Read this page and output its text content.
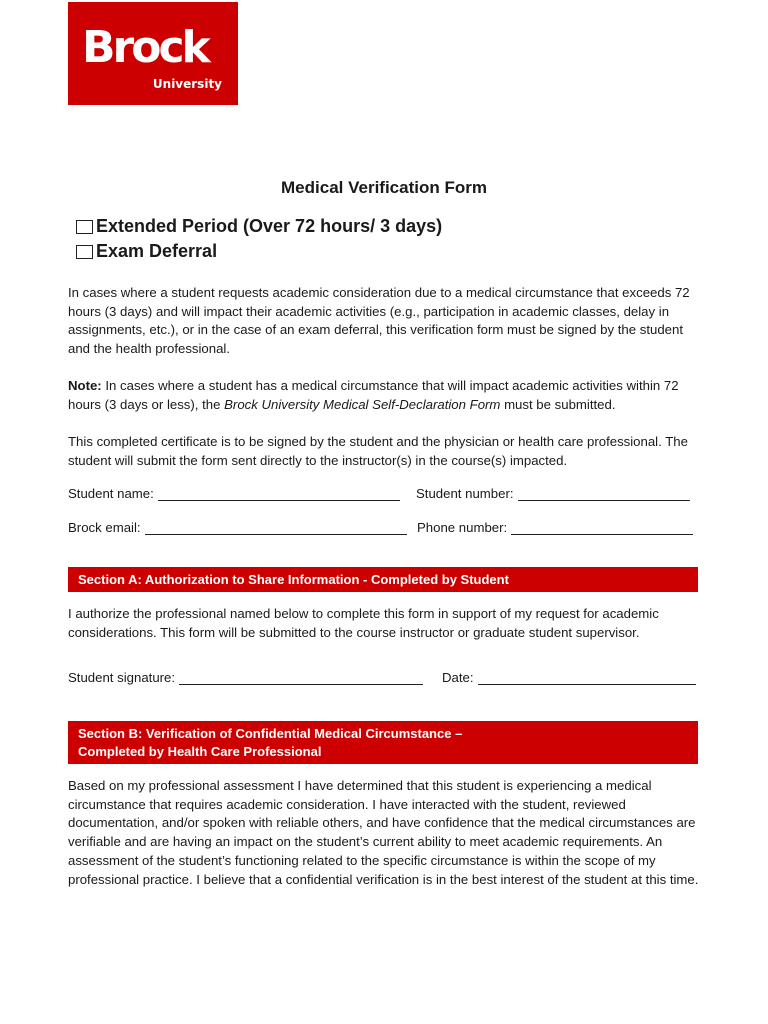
Brock
University
Medical Verification Form
Extended Period (Over 72 hours/ 3 days)
Exam Deferral

In cases where a student requests academic consideration due to a medical circumstance that exceeds 72 hours (3 days) and will impact their academic activities (e.g., participation in academic classes, delay in assignments, etc.), or in the case of an exam deferral, this verification form must be signed by the student and the health professional.

Note: In cases where a student has a medical circumstance that will impact academic activities within 72 hours (3 days or less), the Brock University Medical Self-Declaration Form must be submitted.

This completed certificate is to be signed by the student and the physician or health care professional. The student will submit the form sent directly to the instructor(s) in the course(s) impacted.

Student name:	Student number:
Brock email:	Phone number:
Section A: Authorization to Share Information - Completed by Student

I authorize the professional named below to complete this form in support of my request for academic considerations. This form will be submitted to the course instructor or graduate student supervisor.

Student signature:	Date:
Section B: Verification of Confidential Medical Circumstance –
Completed by Health Care Professional

Based on my professional assessment I have determined that this student is experiencing a medical circumstance that requires academic consideration. I have interacted with the student, reviewed documentation, and/or spoken with reliable others, and have confidence that the medical circumstances are verifiable and are having an impact on the student’s current ability to meet academic requirements. An assessment of the student’s functioning related to the specific circumstance is within the scope of my professional practice. I believe that a confidential verification is in the best interest of the student at this time.
